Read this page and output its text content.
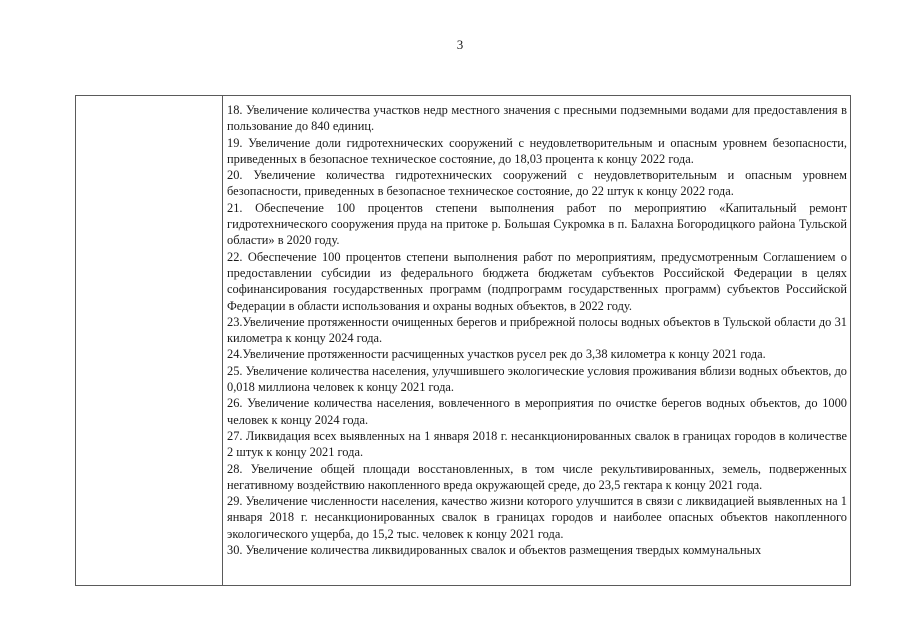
3

18. Увеличение количества участков недр местного значения с пресными подземными водами для предоставления в пользование до 840 единиц.

19. Увеличение доли гидротехнических сооружений с неудовлетворительным и опасным уровнем безопасности, приведенных в безопасное техническое состояние, до 18,03 процента к концу 2022 года.

20. Увеличение количества гидротехнических сооружений с неудовлетворительным и опасным уровнем безопасности, приведенных в безопасное техническое состояние, до 22 штук к концу 2022 года.

21. Обеспечение 100 процентов степени выполнения работ по мероприятию «Капитальный ремонт гидротехнического сооружения пруда на притоке р. Большая Сукромка в п. Балахна Богородицкого района Тульской области» в 2020 году.

22. Обеспечение 100 процентов степени выполнения работ по мероприятиям, предусмотренным Соглашением о предоставлении субсидии из федерального бюджета бюджетам субъектов Российской Федерации в целях софинансирования государственных программ (подпрограмм государственных программ) субъектов Российской Федерации в области использования и охраны водных объектов, в 2022 году.

23.Увеличение протяженности очищенных берегов и прибрежной полосы водных объектов в Тульской области до 31 километра к концу 2024 года.

24.Увеличение протяженности расчищенных участков русел рек до 3,38 километра к концу 2021 года.

25. Увеличение количества населения, улучшившего экологические условия проживания вблизи водных объектов, до 0,018 миллиона человек к концу 2021 года.

26. Увеличение количества населения, вовлеченного в мероприятия по очистке берегов водных объектов, до 1000 человек к концу 2024 года.

27. Ликвидация всех выявленных на 1 января 2018 г. несанкционированных свалок в границах городов в количестве 2 штук к концу 2021 года.

28. Увеличение общей площади восстановленных, в том числе рекультивированных, земель, подверженных негативному воздействию накопленного вреда окружающей среде, до 23,5 гектара к концу 2021 года.

29. Увеличение численности населения, качество жизни которого улучшится в связи с ликвидацией выявленных на 1 января 2018 г. несанкционированных свалок в границах городов и наиболее опасных объектов накопленного экологического ущерба, до 15,2 тыс. человек к концу 2021 года.

30. Увеличение количества ликвидированных свалок и объектов размещения твердых коммунальных
